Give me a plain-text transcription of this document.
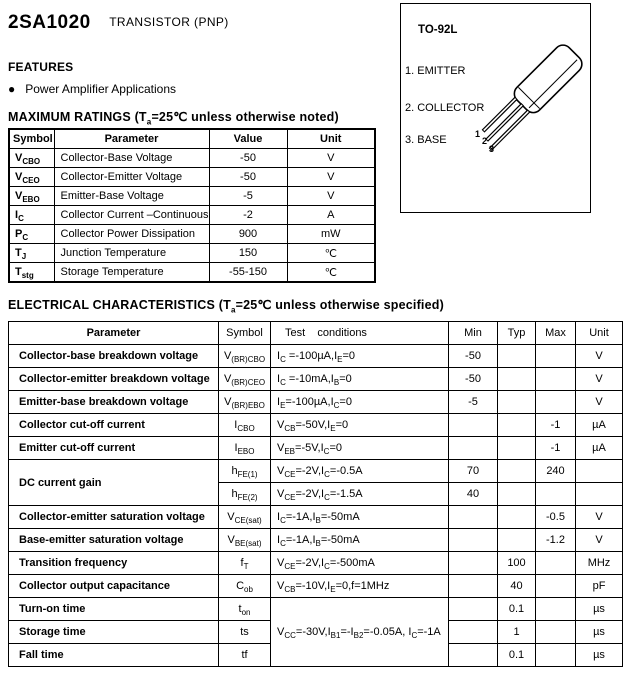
2SA1020 TRANSISTOR (PNP)
FEATURES
● Power Amplifier Applications
MAXIMUM RATINGS ($T_a=25℃$ unless otherwise noted)
Symbol	Parameter	Value	Unit
$V_{CBO}$	Collector-Base Voltage	-50	V
$V_{CEO}$	Collector-Emitter Voltage	-50	V
$V_{EBO}$	Emitter-Base Voltage	-5	V
$I_C$	Collector Current –Continuous	-2	A
$P_C$	Collector Power Dissipation	900	mW
$T_J$	Junction Temperature	150	℃
$T_{stg}$	Storage Temperature	-55-150	℃
TO-92L
1. EMITTER
2. COLLECTOR
3. BASE	1
2
3
ELECTRICAL CHARACTERISTICS ($T_a=25℃$ unless otherwise specified)
Parameter	Symbol	Test    conditions	Min	Typ	Max	Unit
Collector-base breakdown voltage	$V_{(BR)CBO}$	$I_C =-100\mu A,I_E=0$	-50			V
Collector-emitter breakdown voltage	$V_{(BR)CEO}$	$I_C =-10mA,I_B=0$	-50			V
Emitter-base breakdown voltage	$V_{(BR)EBO}$	$I_E=-100\mu A,I_C=0$	-5			V
Collector cut-off current	$I_{CBO}$	$V_{CB}=-50V,I_E=0$			-1	µA
Emitter cut-off current	$I_{EBO}$	$V_{EB}=-5V,I_C=0$			-1	µA
DC current gain	$h_{FE(1)}$	$V_{CE}=-2V,I_C=-0.5A$	70		240	
	$h_{FE(2)}$	$V_{CE}=-2V,I_C=-1.5A$	40			
Collector-emitter saturation voltage	$V_{CE(sat)}$	$I_C=-1A,I_B=-50mA$			-0.5	V
Base-emitter saturation voltage	$V_{BE(sat)}$	$I_C=-1A,I_B=-50mA$			-1.2	V
Transition frequency	$f_T$	$V_{CE}=-2V,I_C=-500mA$		100		MHz
Collector output capacitance	$C_{ob}$	$V_{CB}=-10V,I_E=0,f=1MHz$		40		pF
Turn-on time	$t_{on}$	$V_{CC}=-30V,I_{B1}=-I_{B2}=-0.05A$, $I_C=-1A$		0.1		µs
Storage time	ts			1		µs
Fall time	tf			0.1		µs
